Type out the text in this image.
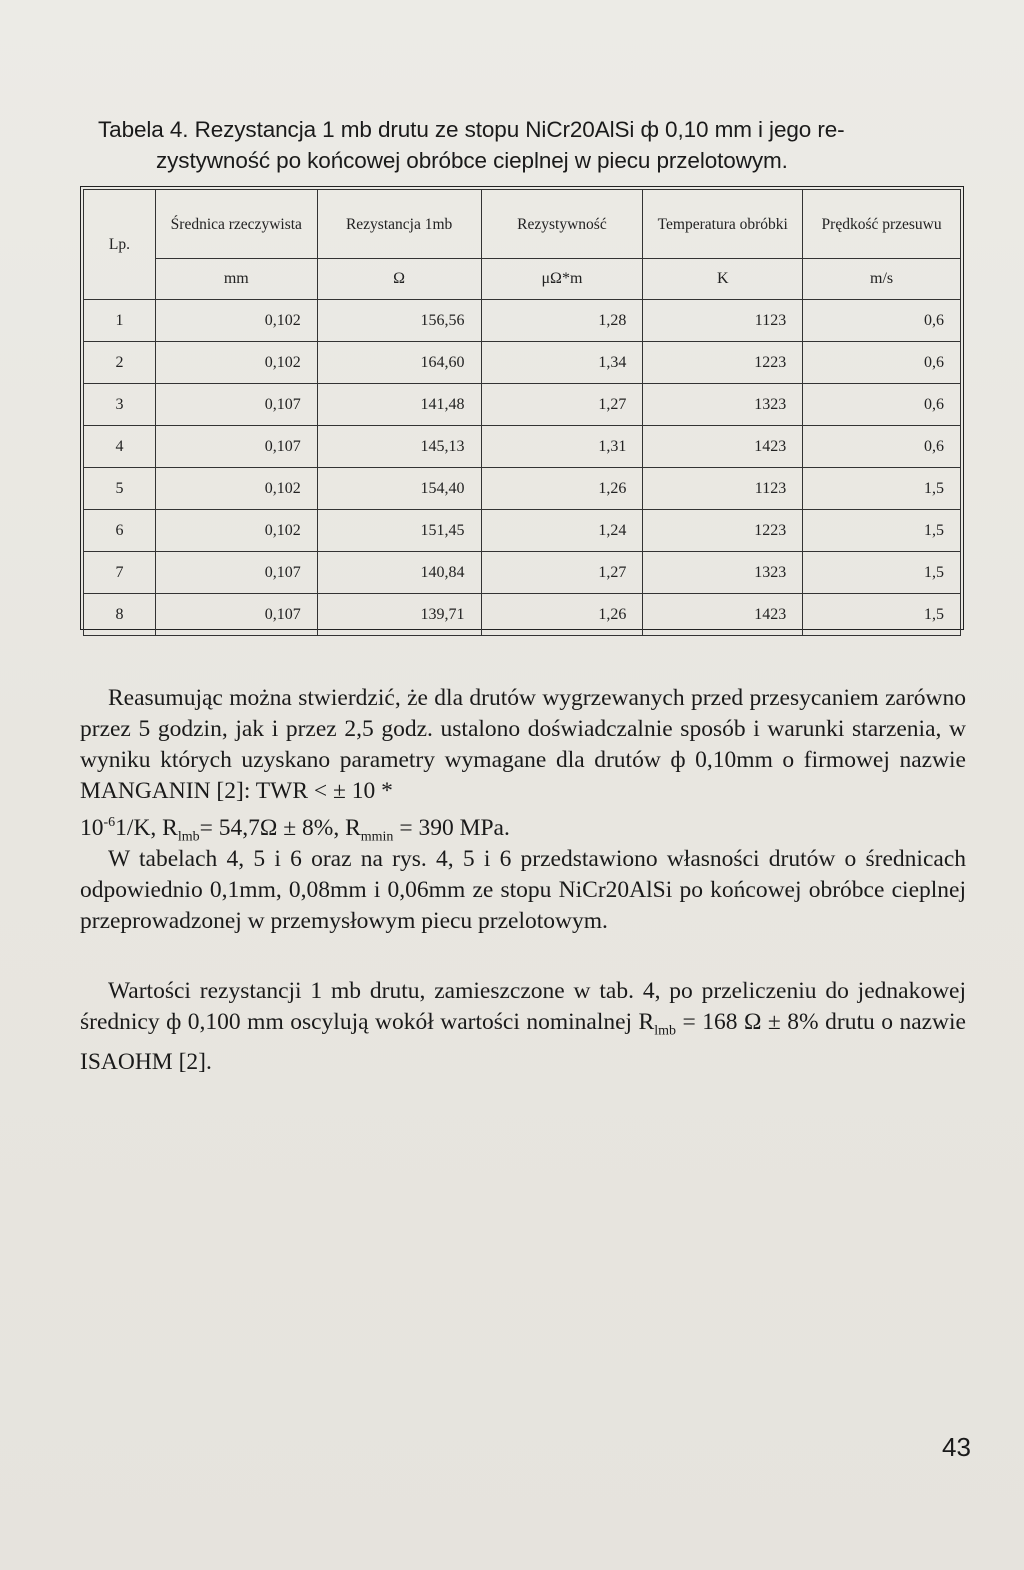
Tabela 4. Rezystancja 1 mb drutu ze stopu NiCr20AlSi ф 0,10 mm i jego re-
zystywność po końcowej obróbce cieplnej w piecu przelotowym.
Lp.	Średnica rzeczywista	Rezystancja 1mb	Rezystywność	Temperatura obróbki	Prędkość przesuwu
	mm	Ω	μΩ*m	K	m/s
1	0,102	156,56	1,28	1123	0,6
2	0,102	164,60	1,34	1223	0,6
3	0,107	141,48	1,27	1323	0,6
4	0,107	145,13	1,31	1423	0,6
5	0,102	154,40	1,26	1123	1,5
6	0,102	151,45	1,24	1223	1,5
7	0,107	140,84	1,27	1323	1,5
8	0,107	139,71	1,26	1423	1,5
Reasumując można stwierdzić, że dla drutów wygrzewanych przed przesycaniem zarówno przez 5 godzin, jak i przez 2,5 godz. ustalono doświadczalnie sposób i warunki starzenia, w wyniku których uzyskano parametry wymagane dla drutów ф 0,10mm o firmowej nazwie MANGANIN [2]: TWR < ± 10 *
$10^{-6}1/K$, $R_{lmb}= 54,7\Omega \pm 8\%$, $R_{mmin} = 390$ MPa.
W tabelach 4, 5 i 6 oraz na rys. 4, 5 i 6 przedstawiono własności drutów o średnicach odpowiednio 0,1mm, 0,08mm i 0,06mm ze stopu NiCr20AlSi po końcowej obróbce cieplnej przeprowadzonej w przemysłowym piecu przelotowym.
Wartości rezystancji 1 mb drutu, zamieszczone w tab. 4, po przeliczeniu do jednakowej średnicy ф 0,100 mm oscylują wokół wartości nominalnej $R_{lmb} = 168$ Ω ± 8% drutu o nazwie ISAOHM [2].
43
